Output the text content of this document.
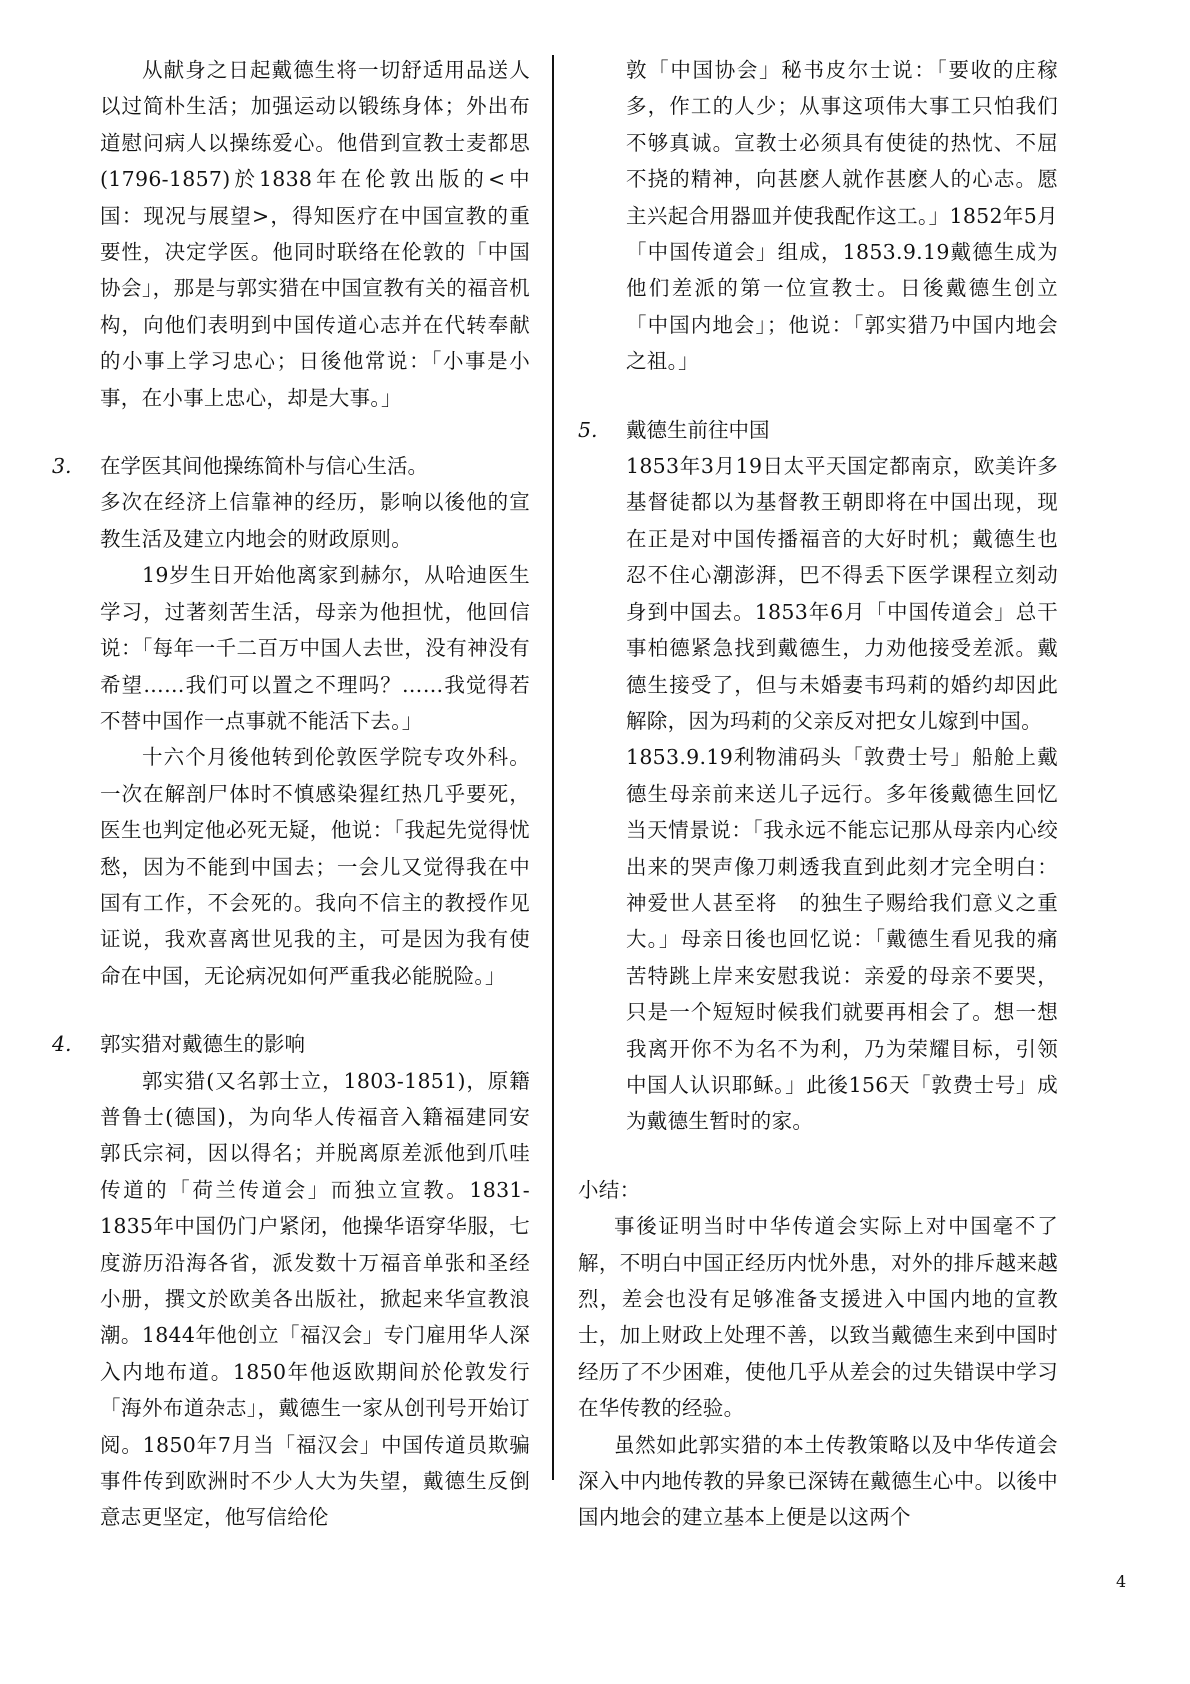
从献身之日起戴德生将一切舒适用品送人以过简朴生活；加强运动以锻练身体；外出布道慰问病人以操练爱心。他借到宣教士麦都思(1796-1857)於1838年在伦敦出版的<中国：现况与展望>，得知医疗在中国宣教的重要性，决定学医。他同时联络在伦敦的「中国协会」，那是与郭实猎在中国宣教有关的福音机构，向他们表明到中国传道心志并在代转奉献的小事上学习忠心；日後他常说：「小事是小事，在小事上忠心，却是大事。」

3.	在学医其间他操练简朴与信心生活。

多次在经济上信靠神的经历，影响以後他的宣教生活及建立内地会的财政原则。

19岁生日开始他离家到赫尔，从哈迪医生学习，过著刻苦生活，母亲为他担忧，他回信说：「每年一千二百万中国人去世，没有神没有希望……我们可以置之不理吗？……我觉得若不替中国作一点事就不能活下去。」

十六个月後他转到伦敦医学院专攻外科。一次在解剖尸体时不慎感染猩红热几乎要死，医生也判定他必死无疑，他说：「我起先觉得忧愁，因为不能到中国去；一会儿又觉得我在中国有工作，不会死的。我向不信主的教授作见证说，我欢喜离世见我的主，可是因为我有使命在中国，无论病况如何严重我必能脱险。」

4.	郭实猎对戴德生的影响

郭实猎(又名郭士立，1803-1851)，原籍普鲁士(德国)，为向华人传福音入籍福建同安郭氏宗祠，因以得名；并脱离原差派他到爪哇传道的「荷兰传道会」而独立宣教。1831-1835年中国仍门户紧闭，他操华语穿华服，七度游历沿海各省，派发数十万福音单张和圣经小册，撰文於欧美各出版社，掀起来华宣教浪潮。1844年他创立「福汉会」专门雇用华人深入内地布道。1850年他返欧期间於伦敦发行「海外布道杂志」，戴德生一家从创刊号开始订阅。1850年7月当「福汉会」中国传道员欺骗事件传到欧洲时不少人大为失望，戴德生反倒意志更坚定，他写信给伦

敦「中国协会」秘书皮尔士说：「要收的庄稼多，作工的人少；从事这项伟大事工只怕我们不够真诚。宣教士必须具有使徒的热忱、不屈不挠的精神，向甚麽人就作甚麽人的心志。愿主兴起合用器皿并使我配作这工。」1852年5月「中国传道会」组成，1853.9.19戴德生成为他们差派的第一位宣教士。日後戴德生创立「中国内地会」；他说：「郭实猎乃中国内地会之祖。」

5.	戴德生前往中国

1853年3月19日太平天国定都南京，欧美许多基督徒都以为基督教王朝即将在中国出现，现在正是对中国传播福音的大好时机；戴德生也忍不住心潮澎湃，巴不得丢下医学课程立刻动身到中国去。1853年6月「中国传道会」总干事柏德紧急找到戴德生，力劝他接受差派。戴德生接受了，但与未婚妻韦玛莉的婚约却因此解除，因为玛莉的父亲反对把女儿嫁到中国。

1853.9.19利物浦码头「敦费士号」船舱上戴德生母亲前来送儿子远行。多年後戴德生回忆当天情景说：「我永远不能忘记那从母亲内心绞出来的哭声像刀刺透我直到此刻才完全明白：神爱世人甚至将　的独生子赐给我们意义之重大。」母亲日後也回忆说：「戴德生看见我的痛苦特跳上岸来安慰我说：亲爱的母亲不要哭，只是一个短短时候我们就要再相会了。想一想我离开你不为名不为利，乃为荣耀目标，引领中国人认识耶稣。」此後156天「敦费士号」成为戴德生暂时的家。

小结：

事後证明当时中华传道会实际上对中国毫不了解，不明白中国正经历内忧外患，对外的排斥越来越烈，差会也没有足够准备支援进入中国内地的宣教士，加上财政上处理不善，以致当戴德生来到中国时经历了不少困难，使他几乎从差会的过失错误中学习在华传教的经验。

虽然如此郭实猎的本土传教策略以及中华传道会深入中内地传教的异象已深铸在戴德生心中。以後中国内地会的建立基本上便是以这两个

4
